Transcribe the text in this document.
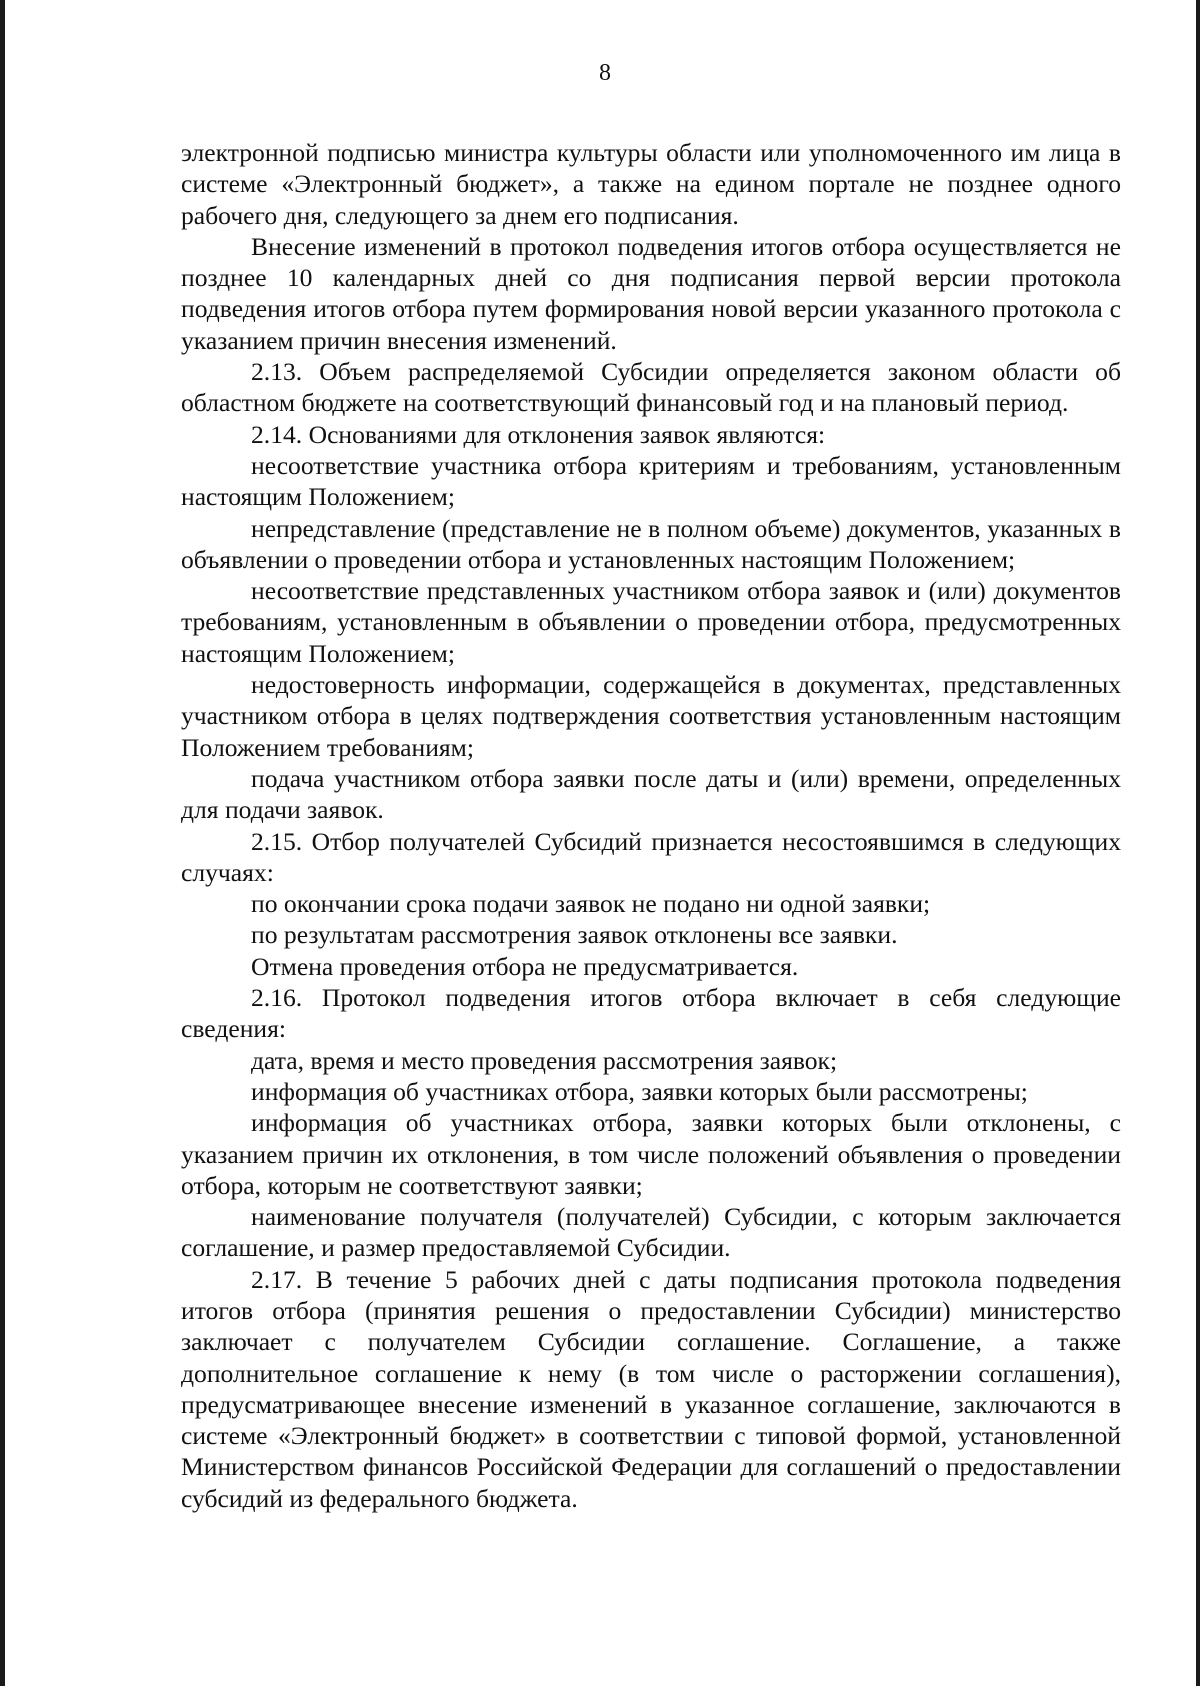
8

электронной подписью министра культуры области или уполномоченного им лица в системе «Электронный бюджет», а также на едином портале не позднее одного рабочего дня, следующего за днем его подписания.

Внесение изменений в протокол подведения итогов отбора осуществляется не позднее 10 календарных дней со дня подписания первой версии протокола подведения итогов отбора путем формирования новой версии указанного протокола с указанием причин внесения изменений.

2.13. Объем распределяемой Субсидии определяется законом области об областном бюджете на соответствующий финансовый год и на плановый период.

2.14. Основаниями для отклонения заявок являются:

несоответствие участника отбора критериям и требованиям, установленным настоящим Положением;

непредставление (представление не в полном объеме) документов, указанных в объявлении о проведении отбора и установленных настоящим Положением;

несоответствие представленных участником отбора заявок и (или) документов требованиям, установленным в объявлении о проведении отбора, предусмотренных настоящим Положением;

недостоверность информации, содержащейся в документах, представленных участником отбора в целях подтверждения соответствия установленным настоящим Положением требованиям;

подача участником отбора заявки после даты и (или) времени, определенных для подачи заявок.

2.15. Отбор получателей Субсидий признается несостоявшимся в следующих случаях:

по окончании срока подачи заявок не подано ни одной заявки;

по результатам рассмотрения заявок отклонены все заявки.

Отмена проведения отбора не предусматривается.

2.16. Протокол подведения итогов отбора включает в себя следующие сведения:

дата, время и место проведения рассмотрения заявок;

информация об участниках отбора, заявки которых были рассмотрены;

информация об участниках отбора, заявки которых были отклонены, с указанием причин их отклонения, в том числе положений объявления о проведении отбора, которым не соответствуют заявки;

наименование получателя (получателей) Субсидии, с которым заключается соглашение, и размер предоставляемой Субсидии.

2.17. В течение 5 рабочих дней с даты подписания протокола подведения итогов отбора (принятия решения о предоставлении Субсидии) министерство заключает с получателем Субсидии соглашение. Соглашение, а также дополнительное соглашение к нему (в том числе о расторжении соглашения), предусматривающее внесение изменений в указанное соглашение, заключаются в системе «Электронный бюджет» в соответствии с типовой формой, установленной Министерством финансов Российской Федерации для соглашений о предоставлении субсидий из федерального бюджета.
